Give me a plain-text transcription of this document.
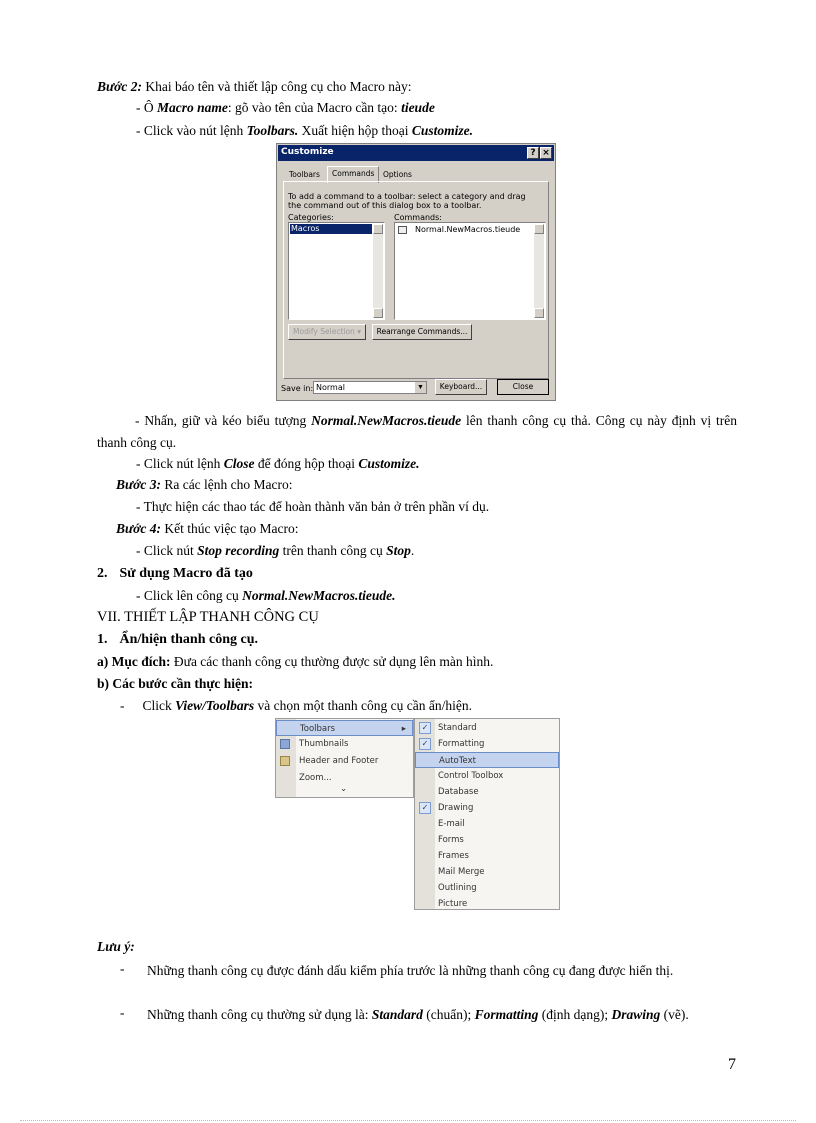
Bước 2: Khai báo tên và thiết lập công cụ cho Macro này:
- Ô Macro name: gõ vào tên của Macro cần tạo: tieude
- Click vào nút lệnh Toolbars. Xuất hiện hộp thoại Customize.
Customize	? ×
Toolbars	Commands	Options
To add a command to a toolbar: select a category and drag the command out of this dialog box to a toolbar.
Categories:	Commands:
Macros	Normal.NewMacros.tieude
Modify Selection ▾	Rearrange Commands...
Save in: Normal	▼	Keyboard...	Close
- Nhấn, giữ và kéo biểu tượng Normal.NewMacros.tieude lên thanh công cụ thả. Công cụ này định vị trên thanh công cụ.
- Click nút lệnh Close để đóng hộp thoại Customize.
Bước 3: Ra các lệnh cho Macro:
- Thực hiện các thao tác để hoàn thành văn bản ở trên phần ví dụ.
Bước 4: Kết thúc việc tạo Macro:
- Click nút Stop recording trên thanh công cụ Stop.
2. Sử dụng Macro đã tạo
- Click lên công cụ Normal.NewMacros.tieude.
VII. THIẾT LẬP THANH CÔNG CỤ
1. Ẩn/hiện thanh công cụ.
a) Mục đích: Đưa các thanh công cụ thường được sử dụng lên màn hình.
b) Các bước cần thực hiện:
- Click View/Toolbars và chọn một thanh công cụ cần ẩn/hiện.
Toolbars	▸
Thumbnails
Header and Footer
Zoom...
⌄
✓	Standard
✓	Formatting
AutoText
Control Toolbox
Database
✓	Drawing
E-mail
Forms
Frames
Mail Merge
Outlining
Picture
Lưu ý:
- Những thanh công cụ được đánh dấu kiểm phía trước là những thanh công cụ đang được hiển thị.
- Những thanh công cụ thường sử dụng là: Standard (chuẩn); Formatting (định dạng); Drawing (vẽ).
7
